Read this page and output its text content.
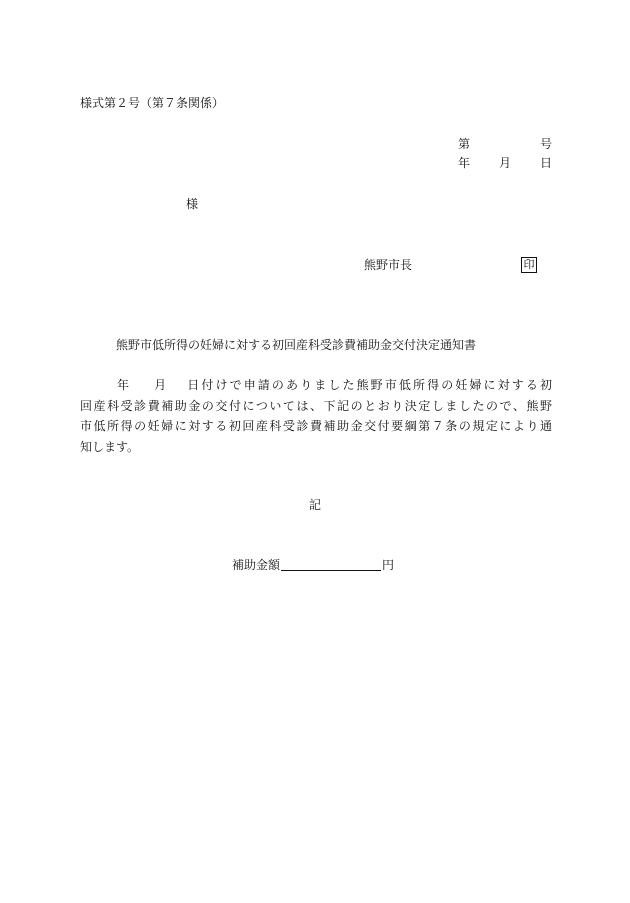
様式第２号（第７条関係）
第	号
年 月 日
様
熊野市長	印
熊野市低所得の妊婦に対する初回産科受診費補助金交付決定通知書

年 月 日付けで申請のありました熊野市低所得の妊婦に対する初
回産科受診費補助金の交付については、下記のとおり決定しましたので、熊野
市低所得の妊婦に対する初回産科受診費補助金交付要綱第７条の規定により通
知します。

記
補助金額	円
